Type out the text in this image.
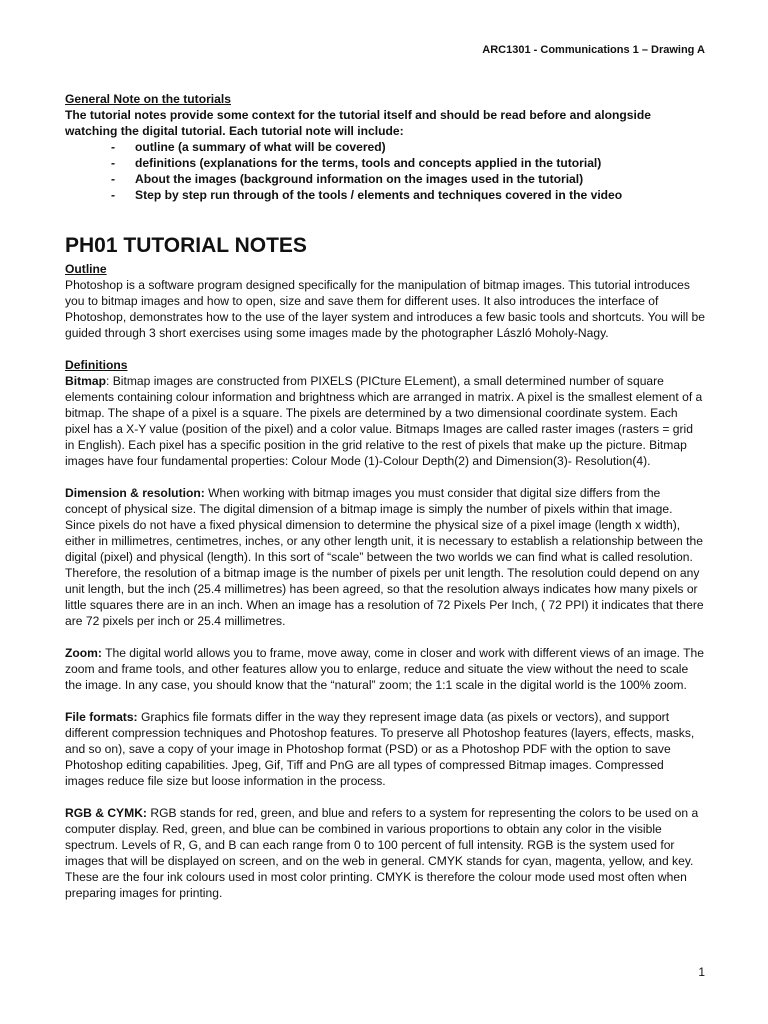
ARC1301 - Communications 1 – Drawing A

General Note on the tutorials

The tutorial notes provide some context for the tutorial itself and should be read before and alongside watching the digital tutorial. Each tutorial note will include:

- outline (a summary of what will be covered)
- definitions (explanations for the terms, tools and concepts applied in the tutorial)
- About the images (background information on the images used in the tutorial)
- Step by step run through of the tools / elements and techniques covered in the video
PH01 TUTORIAL NOTES

Outline

Photoshop is a software program designed specifically for the manipulation of bitmap images. This tutorial introduces you to bitmap images and how to open, size and save them for different uses. It also introduces the interface of Photoshop, demonstrates how to the use of the layer system and introduces a few basic tools and shortcuts. You will be guided through 3 short exercises using some images made by the photographer László Moholy-Nagy.

Definitions

Bitmap: Bitmap images are constructed from PIXELS (PICture ELement), a small determined number of square elements containing colour information and brightness which are arranged in matrix. A pixel is the smallest element of a bitmap. The shape of a pixel is a square. The pixels are determined by a two dimensional coordinate system. Each pixel has a X-Y value (position of the pixel) and a color value. Bitmaps Images are called raster images (rasters = grid in English). Each pixel has a specific position in the grid relative to the rest of pixels that make up the picture. Bitmap images have four fundamental properties: Colour Mode (1)-Colour Depth(2) and Dimension(3)- Resolution(4).

Dimension & resolution: When working with bitmap images you must consider that digital size differs from the concept of physical size. The digital dimension of a bitmap image is simply the number of pixels within that image. Since pixels do not have a fixed physical dimension to determine the physical size of a pixel image (length x width), either in millimetres, centimetres, inches, or any other length unit, it is necessary to establish a relationship between the digital (pixel) and physical (length). In this sort of “scale” between the two worlds we can find what is called resolution. Therefore, the resolution of a bitmap image is the number of pixels per unit length. The resolution could depend on any unit length, but the inch (25.4 millimetres) has been agreed, so that the resolution always indicates how many pixels or little squares there are in an inch. When an image has a resolution of 72 Pixels Per Inch, ( 72 PPI) it indicates that there are 72 pixels per inch or 25.4 millimetres.

Zoom: The digital world allows you to frame, move away, come in closer and work with different views of an image. The zoom and frame tools, and other features allow you to enlarge, reduce and situate the view without the need to scale the image. In any case, you should know that the “natural” zoom; the 1:1 scale in the digital world is the 100% zoom.

File formats: Graphics file formats differ in the way they represent image data (as pixels or vectors), and support different compression techniques and Photoshop features. To preserve all Photoshop features (layers, effects, masks, and so on), save a copy of your image in Photoshop format (PSD) or as a Photoshop PDF with the option to save Photoshop editing capabilities. Jpeg, Gif, Tiff and PnG are all types of compressed Bitmap images. Compressed images reduce file size but loose information in the process.

RGB & CYMK: RGB stands for red, green, and blue and refers to a system for representing the colors to be used on a computer display. Red, green, and blue can be combined in various proportions to obtain any color in the visible spectrum. Levels of R, G, and B can each range from 0 to 100 percent of full intensity. RGB is the system used for images that will be displayed on screen, and on the web in general. CMYK stands for cyan, magenta, yellow, and key. These are the four ink colours used in most color printing. CMYK is therefore the colour mode used most often when preparing images for printing.

1
